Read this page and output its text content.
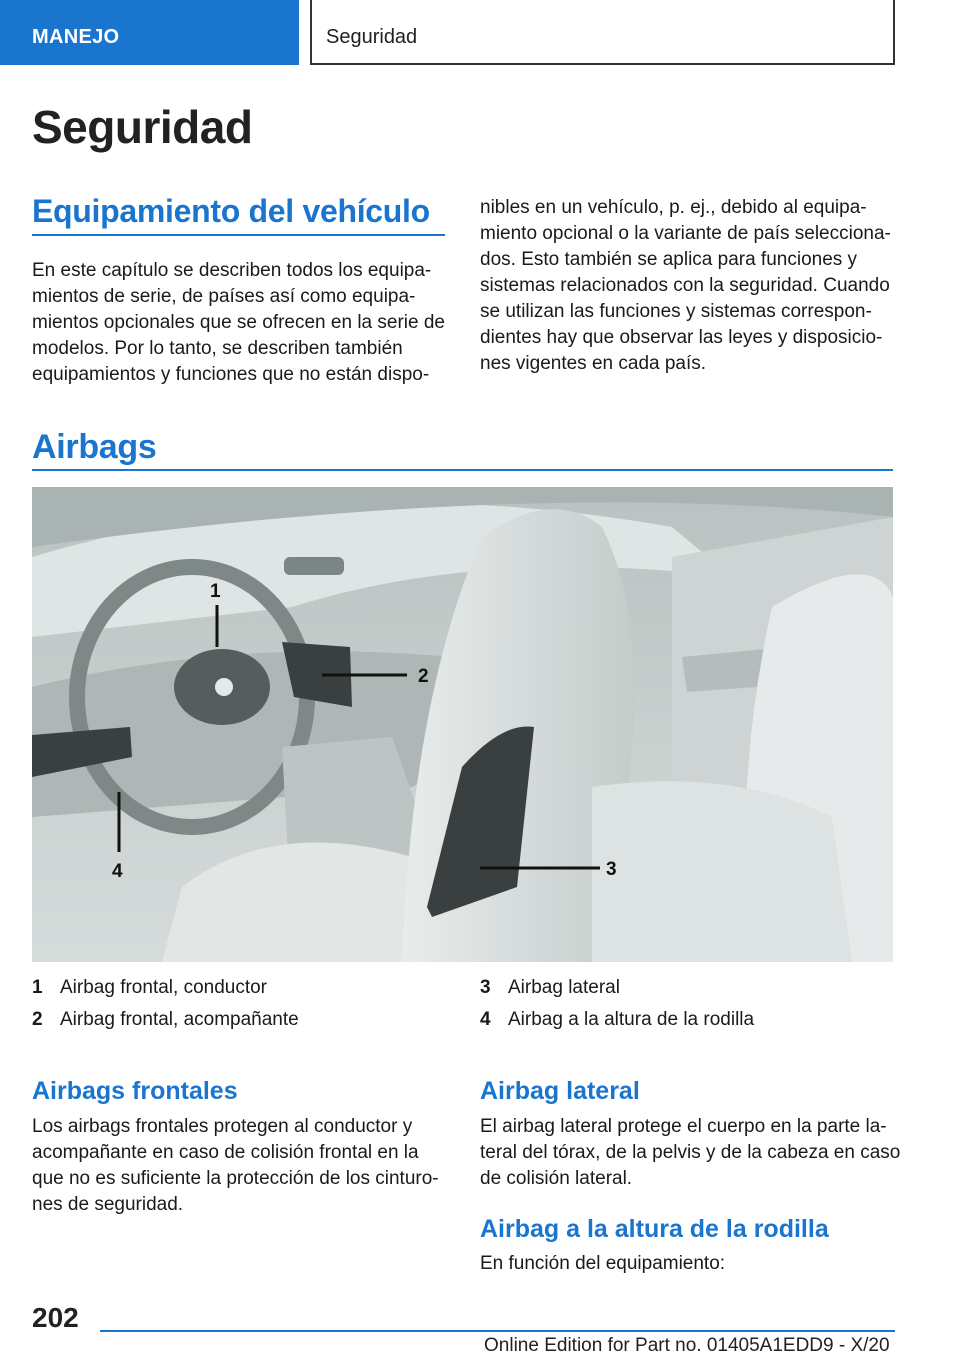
MANEJO	Seguridad
Seguridad
Equipamiento del vehículo
En este capítulo se describen todos los equipa-
mientos de serie, de países así como equipa-
mientos opcionales que se ofrecen en la serie de
modelos. Por lo tanto, se describen también
equipamientos y funciones que no están dispo-
nibles en un vehículo, p. ej., debido al equipa-
miento opcional o la variante de país selecciona-
dos. Esto también se aplica para funciones y
sistemas relacionados con la seguridad. Cuando
se utilizan las funciones y sistemas correspon-
dientes hay que observar las leyes y disposicio-
nes vigentes en cada país.
Airbags
1
2
3
4
1 Airbag frontal, conductor
2 Airbag frontal, acompañante
3 Airbag lateral
4 Airbag a la altura de la rodilla
Airbags frontales
Los airbags frontales protegen al conductor y
acompañante en caso de colisión frontal en la
que no es suficiente la protección de los cinturo-
nes de seguridad.
Airbag lateral
El airbag lateral protege el cuerpo en la parte la-
teral del tórax, de la pelvis y de la cabeza en caso
de colisión lateral.
Airbag a la altura de la rodilla
En función del equipamiento:
202
Online Edition for Part no. 01405A1EDD9 - X/20
